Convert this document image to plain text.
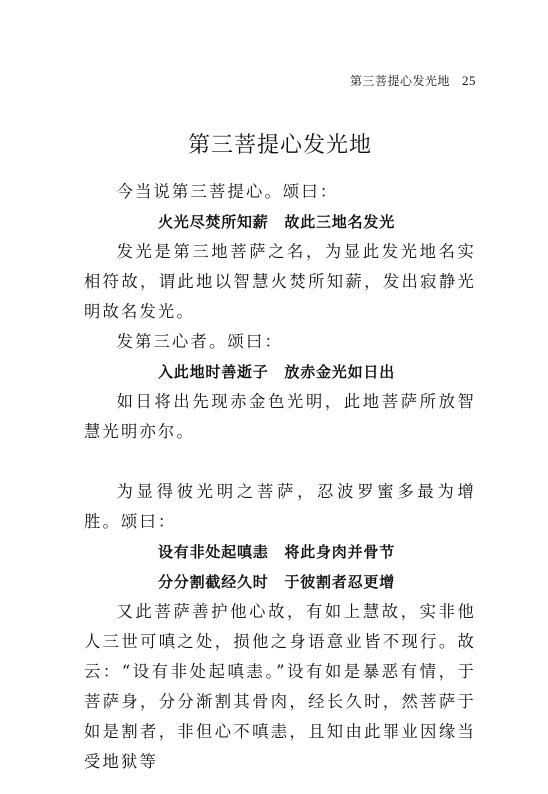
第三菩提心发光地 25
第三菩提心发光地

今当说第三菩提心。颂曰：

火光尽焚所知薪　故此三地名发光

发光是第三地菩萨之名，为显此发光地名实相符故，谓此地以智慧火焚所知薪，发出寂静光明故名发光。

发第三心者。颂曰：

入此地时善逝子　放赤金光如日出

如日将出先现赤金色光明，此地菩萨所放智慧光明亦尔。

为显得彼光明之菩萨，忍波罗蜜多最为增胜。颂曰：

设有非处起嗔恚　将此身肉并骨节
分分割截经久时　于彼割者忍更增

又此菩萨善护他心故，有如上慧故，实非他人三世可嗔之处，损他之身语意业皆不现行。故云：“设有非处起嗔恚。”设有如是暴恶有情，于菩萨身，分分渐割其骨肉，经长久时，然菩萨于如是割者，非但心不嗔恚，且知由此罪业因缘当受地狱等
